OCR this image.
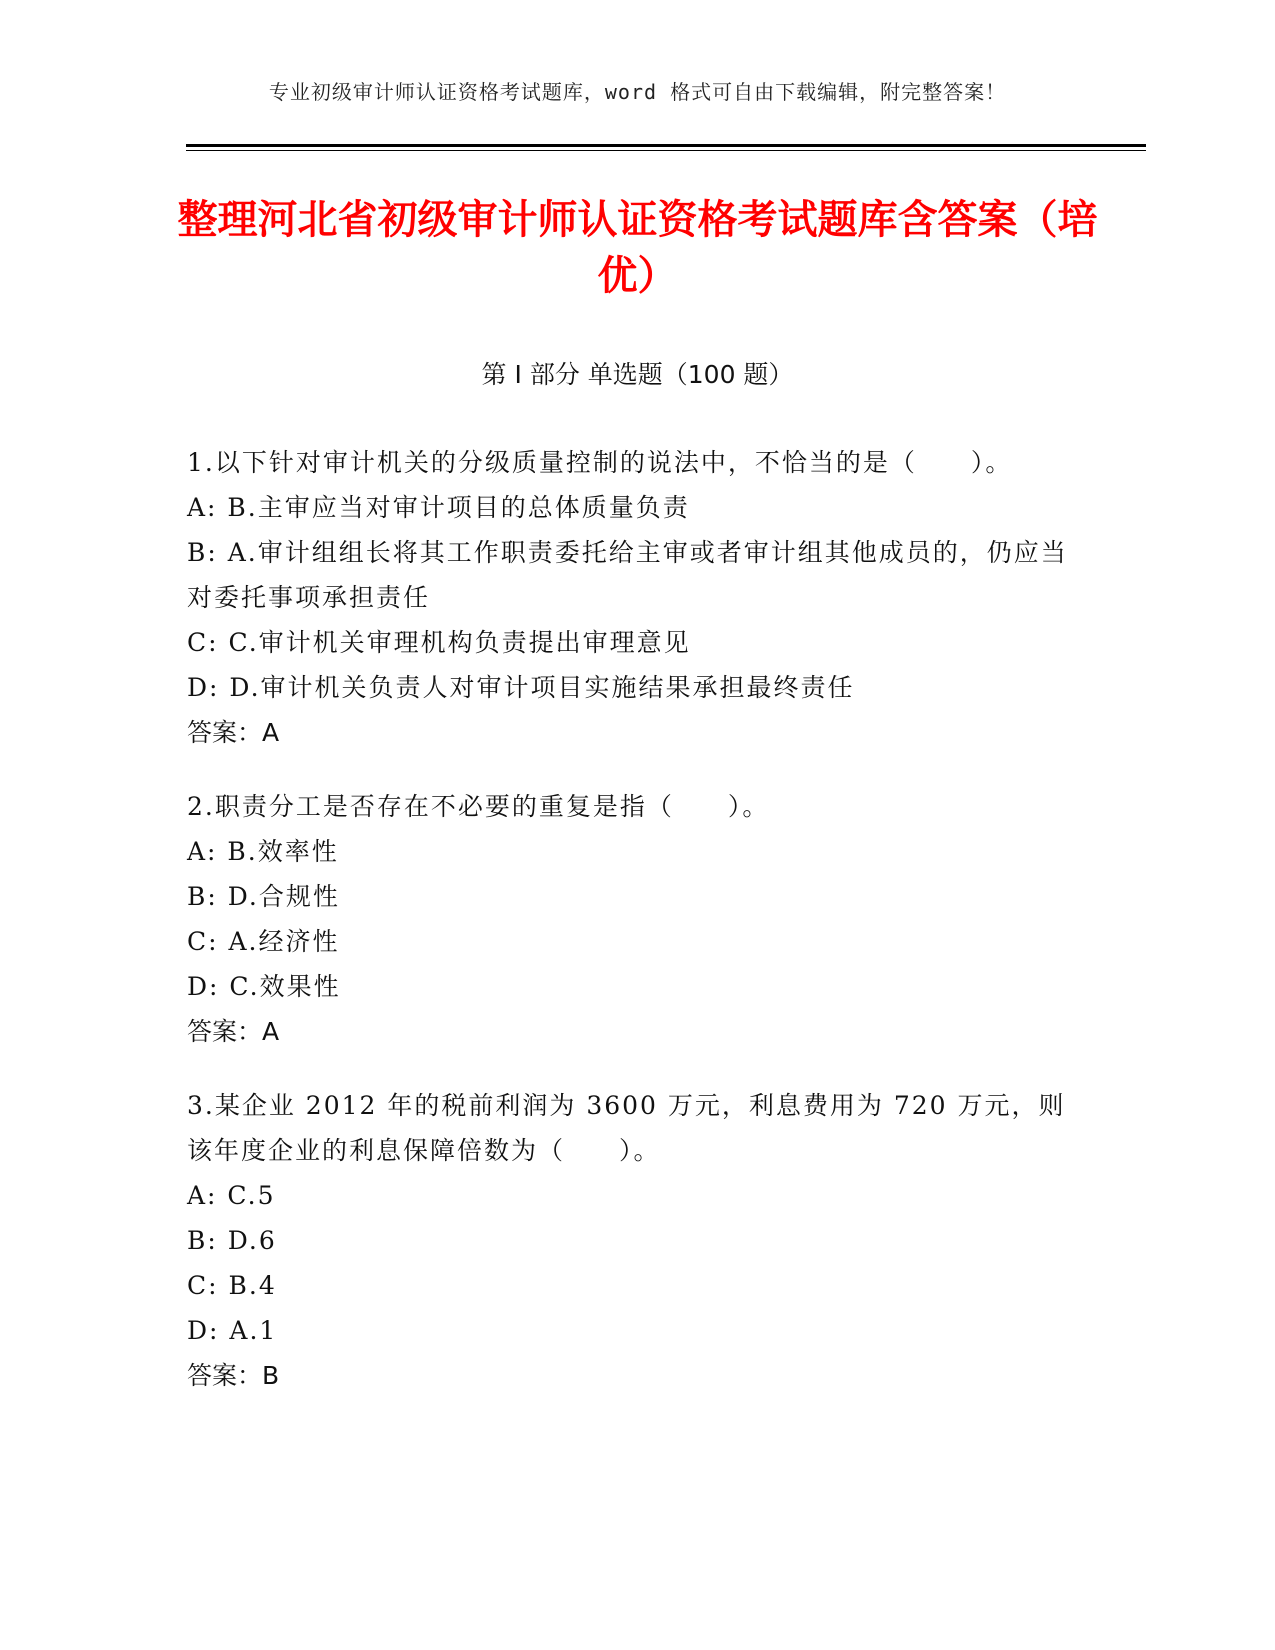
专业初级审计师认证资格考试题库，word 格式可自由下载编辑，附完整答案！
整理河北省初级审计师认证资格考试题库含答案（培优）
第 I 部分 单选题（100 题）

1.以下针对审计机关的分级质量控制的说法中，不恰当的是（　　）。

A: B.主审应当对审计项目的总体质量负责

B: A.审计组组长将其工作职责委托给主审或者审计组其他成员的，仍应当对委托事项承担责任

C: C.审计机关审理机构负责提出审理意见

D: D.审计机关负责人对审计项目实施结果承担最终责任

答案：A

2.职责分工是否存在不必要的重复是指（　　）。

A: B.效率性

B: D.合规性

C: A.经济性

D: C.效果性

答案：A

3.某企业 2012 年的税前利润为 3600 万元，利息费用为 720 万元，则该年度企业的利息保障倍数为（　　）。

A: C.5

B: D.6

C: B.4

D: A.1

答案：B
